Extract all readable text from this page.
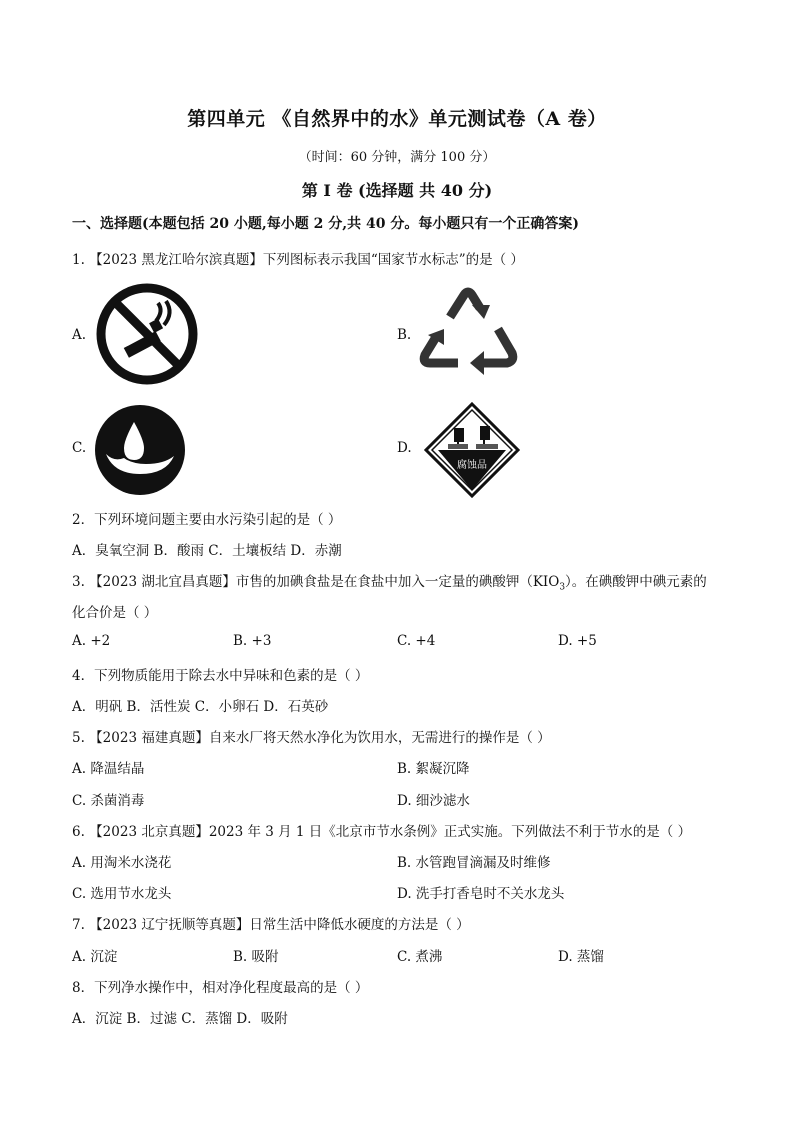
第四单元 《自然界中的水》单元测试卷（A 卷）
（时间：60 分钟，满分 100 分）
第 I 卷 (选择题 共 40 分)
一、选择题(本题包括 20 小题,每小题 2 分,共 40 分。每小题只有一个正确答案)
1. 【2023 黑龙江哈尔滨真题】下列图标表示我国“国家节水标志”的是（ ）
A.	B.
C.	D.
腐蚀品
2．下列环境问题主要由水污染引起的是（ ）
A．臭氧空洞 B．酸雨 C．土壤板结 D．赤潮
3. 【2023 湖北宜昌真题】市售的加碘食盐是在食盐中加入一定量的碘酸钾$(KIO_3)$。在碘酸钾中碘元素的
化合价是（ ）
A. +2	B. +3	C. +4	D. +5
4．下列物质能用于除去水中异味和色素的是（ ）
A．明矾 B．活性炭 C．小卵石 D．石英砂
5. 【2023 福建真题】自来水厂将天然水净化为饮用水，无需进行的操作是（ ）
A. 降温结晶	B. 絮凝沉降
C. 杀菌消毒	D. 细沙滤水
6. 【2023 北京真题】2023 年 3 月 1 日《北京市节水条例》正式实施。下列做法不利于节水的是（ ）
A. 用淘米水浇花	B. 水管跑冒滴漏及时维修
C. 选用节水龙头	D. 洗手打香皂时不关水龙头
7. 【2023 辽宁抚顺等真题】日常生活中降低水硬度的方法是（ ）
A. 沉淀	B. 吸附	C. 煮沸	D. 蒸馏
8．下列净水操作中，相对净化程度最高的是（ ）
A．沉淀 B．过滤 C．蒸馏 D．吸附
